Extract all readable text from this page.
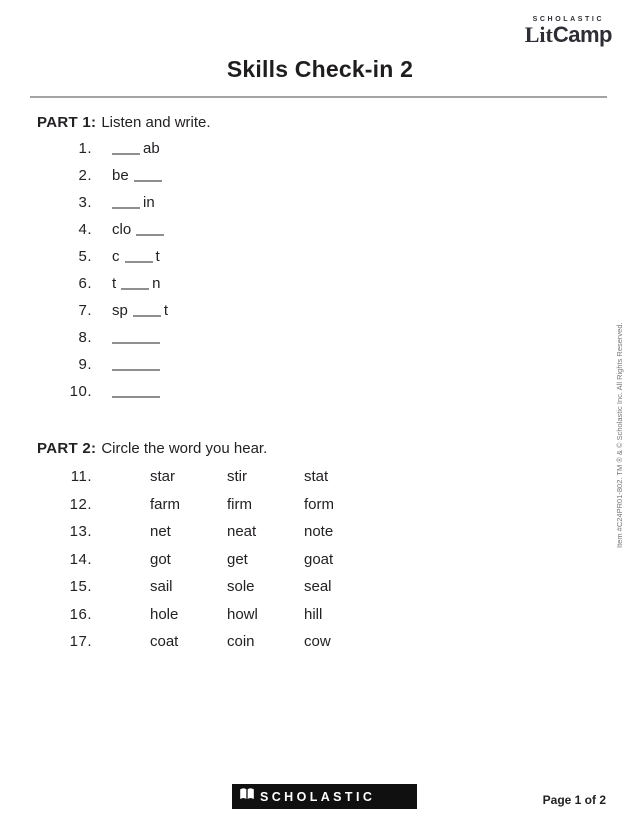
SCHOLASTIC
LitCamp
Skills Check-in 2
PART 1: Listen and write.
1.	ab
2. be
3.	in
4. clo
5. c t
6. t n
7. sp t
8.
9.
10.
PART 2: Circle the word you hear.
11.	star	stir	stat
12.	farm	firm	form
13.	net	neat	note
14.	got	get	goat
15.	sail	sole	seal
16.	hole	howl	hill
17.	coat	coin	cow
Item #C24PR01-802. TM ® & © Scholastic Inc. All Rights Reserved.
SCHOLASTIC	Page 1 of 2
